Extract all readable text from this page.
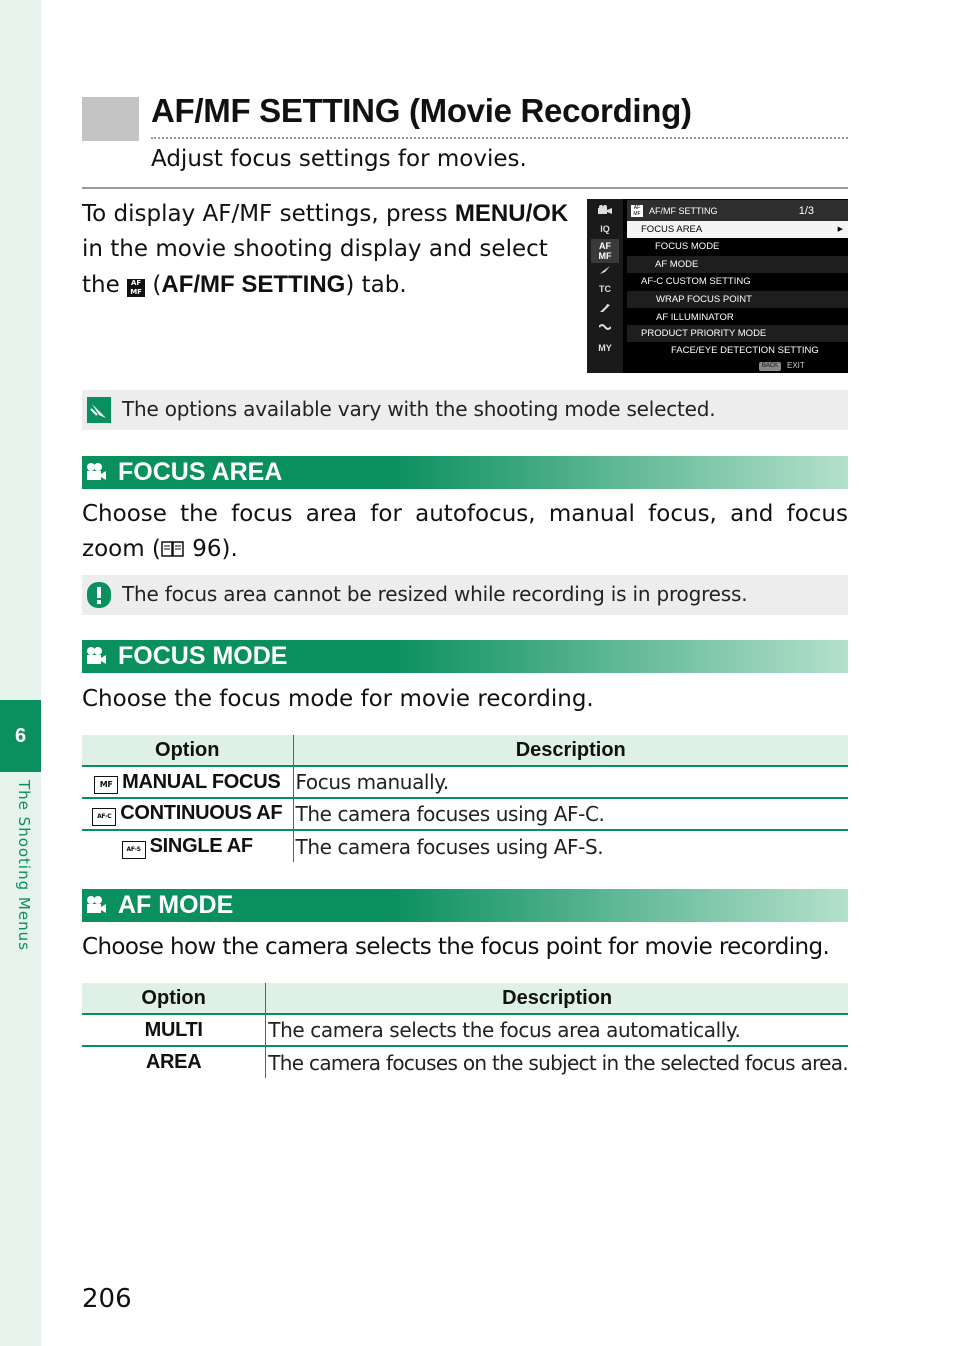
6
The Shooting Menus
AF/MF SETTING (Movie Recording)
Adjust focus settings for movies.
To display AF/MF settings, press MENU/OK in the movie shooting display and select the AF
MF (AF/MF SETTING) tab.
IQ
AF
MF
TC
MY
AF
MF AF/MF SETTING	1/3
FOCUS AREA	▶
FOCUS MODE
AF MODE
AF-C CUSTOM SETTING
WRAP FOCUS POINT
AF ILLUMINATOR
PRODUCT PRIORITY MODE
FACE/EYE DETECTION SETTING
BACK	EXIT
The options available vary with the shooting mode selected.
FOCUS AREA
Choose the focus area for autofocus, manual focus, and focus zoom ( 96).
The focus area cannot be resized while recording is in progress.
FOCUS MODE
Choose the focus mode for movie recording.
Option	Description
MF MANUAL FOCUS	Focus manually.
AF-C CONTINUOUS AF	The camera focuses using AF-C.
AF-S SINGLE AF	The camera focuses using AF-S.
AF MODE
Choose how the camera selects the focus point for movie recording.
Option	Description
MULTI	The camera selects the focus area automatically.
AREA	The camera focuses on the subject in the selected focus area.
206
